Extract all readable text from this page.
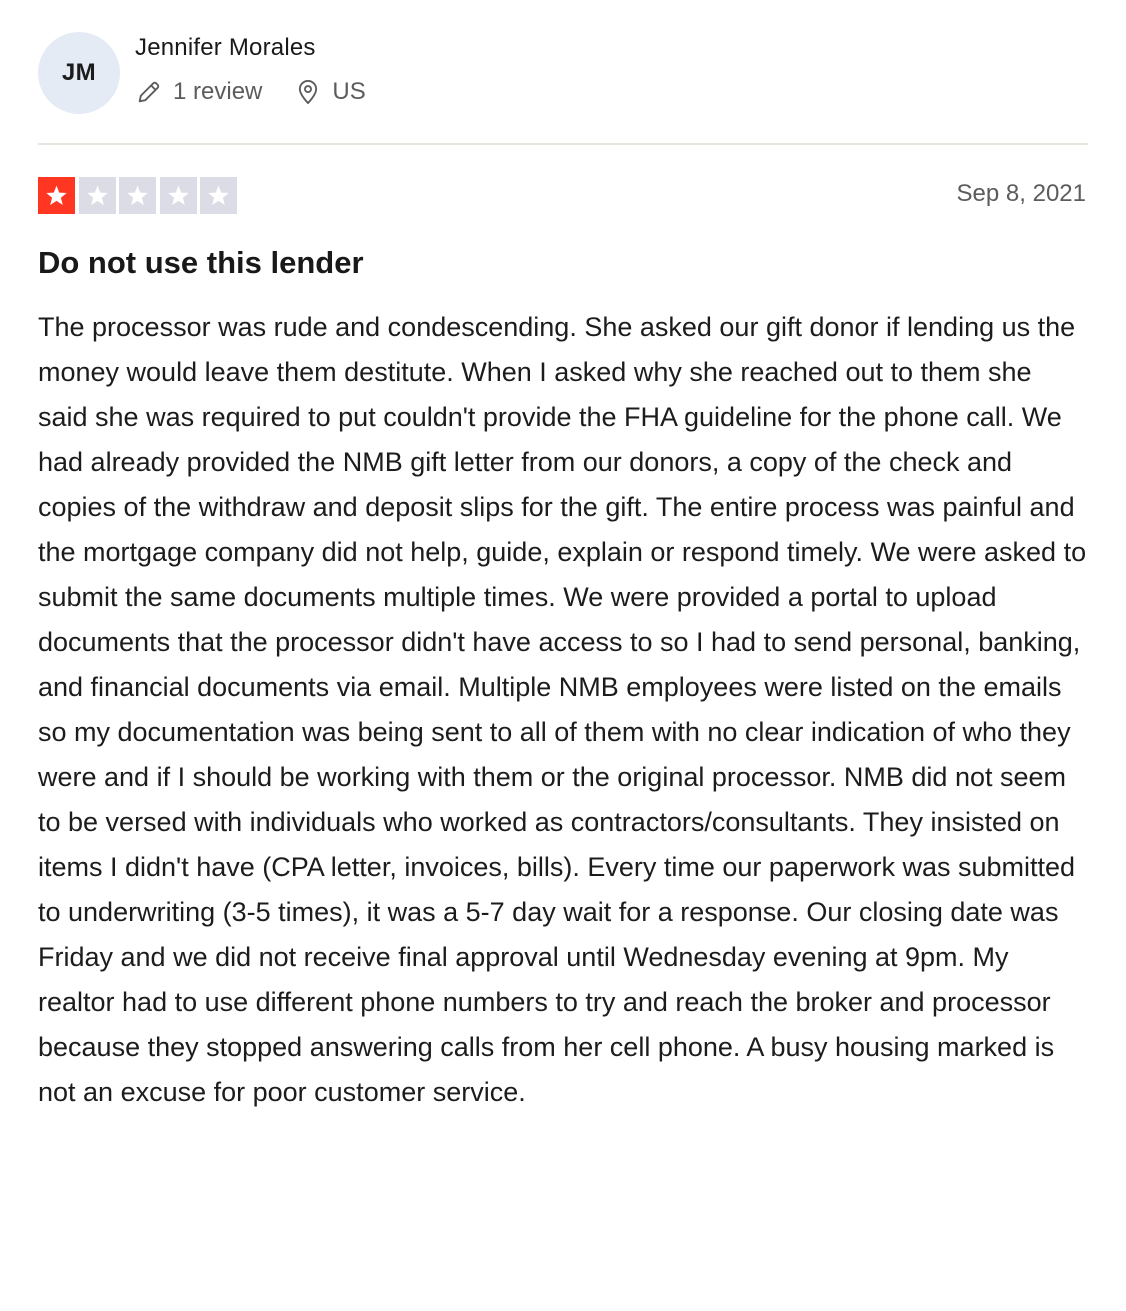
JM
Jennifer Morales
1 review	US
Sep 8, 2021
Do not use this lender

The processor was rude and condescending. She asked our gift donor if lending us the money would leave them destitute. When I asked why she reached out to them she said she was required to put couldn't provide the FHA guideline for the phone call. We had already provided the NMB gift letter from our donors, a copy of the check and copies of the withdraw and deposit slips for the gift. The entire process was painful and the mortgage company did not help, guide, explain or respond timely. We were asked to submit the same documents multiple times. We were provided a portal to upload documents that the processor didn't have access to so I had to send personal, banking, and financial documents via email. Multiple NMB employees were listed on the emails so my documentation was being sent to all of them with no clear indication of who they were and if I should be working with them or the original processor. NMB did not seem to be versed with individuals who worked as contractors/consultants. They insisted on items I didn't have (CPA letter, invoices, bills). Every time our paperwork was submitted to underwriting (3-5 times), it was a 5-7 day wait for a response. Our closing date was Friday and we did not receive final approval until Wednesday evening at 9pm. My realtor had to use different phone numbers to try and reach the broker and processor because they stopped answering calls from her cell phone. A busy housing marked is not an excuse for poor customer service.
